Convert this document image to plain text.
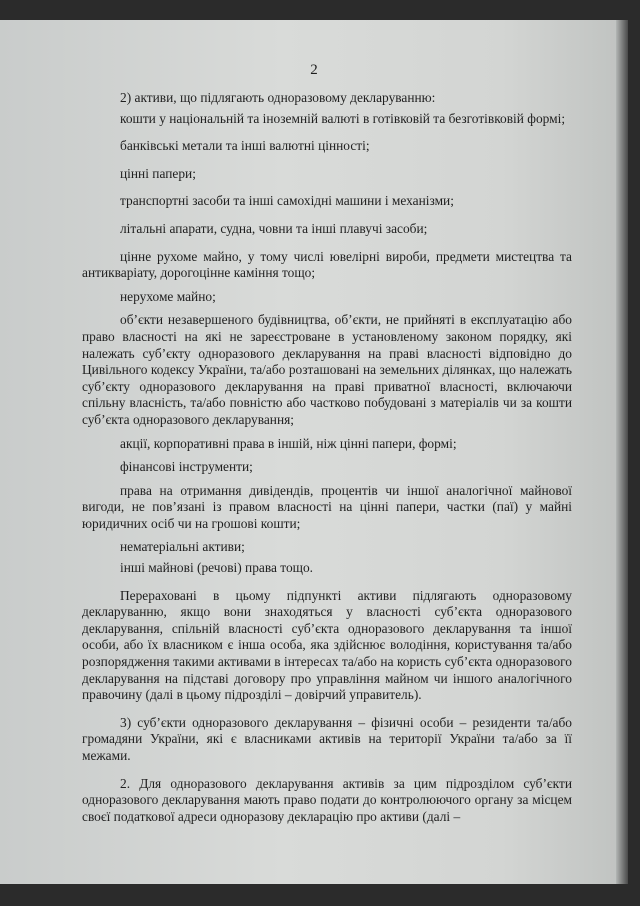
2

2) активи, що підлягають одноразовому декларуванню:

кошти у національній та іноземній валюті в готівковій та безготівковій формі;

банківські метали та інші валютні цінності;

цінні папери;

транспортні засоби та інші самохідні машини і механізми;

літальні апарати, судна, човни та інші плавучі засоби;

цінне рухоме майно, у тому числі ювелірні вироби, предмети мистецтва та антикваріату, дорогоцінне каміння тощо;

нерухоме майно;

об’єкти незавершеного будівництва, об’єкти, не прийняті в експлуатацію або право власності на які не зареєстроване в установленому законом порядку, які належать суб’єкту одноразового декларування на праві власності відповідно до Цивільного кодексу України, та/або розташовані на земельних ділянках, що належать суб’єкту одноразового декларування на праві приватної власності, включаючи спільну власність, та/або повністю або частково побудовані з матеріалів чи за кошти суб’єкта одноразового декларування;

акції, корпоративні права в іншій, ніж цінні папери, формі;

фінансові інструменти;

права на отримання дивідендів, процентів чи іншої аналогічної майнової вигоди, не пов’язані із правом власності на цінні папери, частки (паї) у майні юридичних осіб чи на грошові кошти;

нематеріальні активи;

інші майнові (речові) права тощо.

Перераховані в цьому підпункті активи підлягають одноразовому декларуванню, якщо вони знаходяться у власності суб’єкта одноразового декларування, спільній власності суб’єкта одноразового декларування та іншої особи, або їх власником є інша особа, яка здійснює володіння, користування та/або розпорядження такими активами в інтересах та/або на користь суб’єкта одноразового декларування на підставі договору про управління майном чи іншого аналогічного правочину (далі в цьому підрозділі – довірчий управитель).

3) суб’єкти одноразового декларування – фізичні особи – резиденти та/або громадяни України, які є власниками активів на території України та/або за її межами.

2. Для одноразового декларування активів за цим підрозділом суб’єкти одноразового декларування мають право подати до контролюючого органу за місцем своєї податкової адреси одноразову декларацію про активи (далі –
